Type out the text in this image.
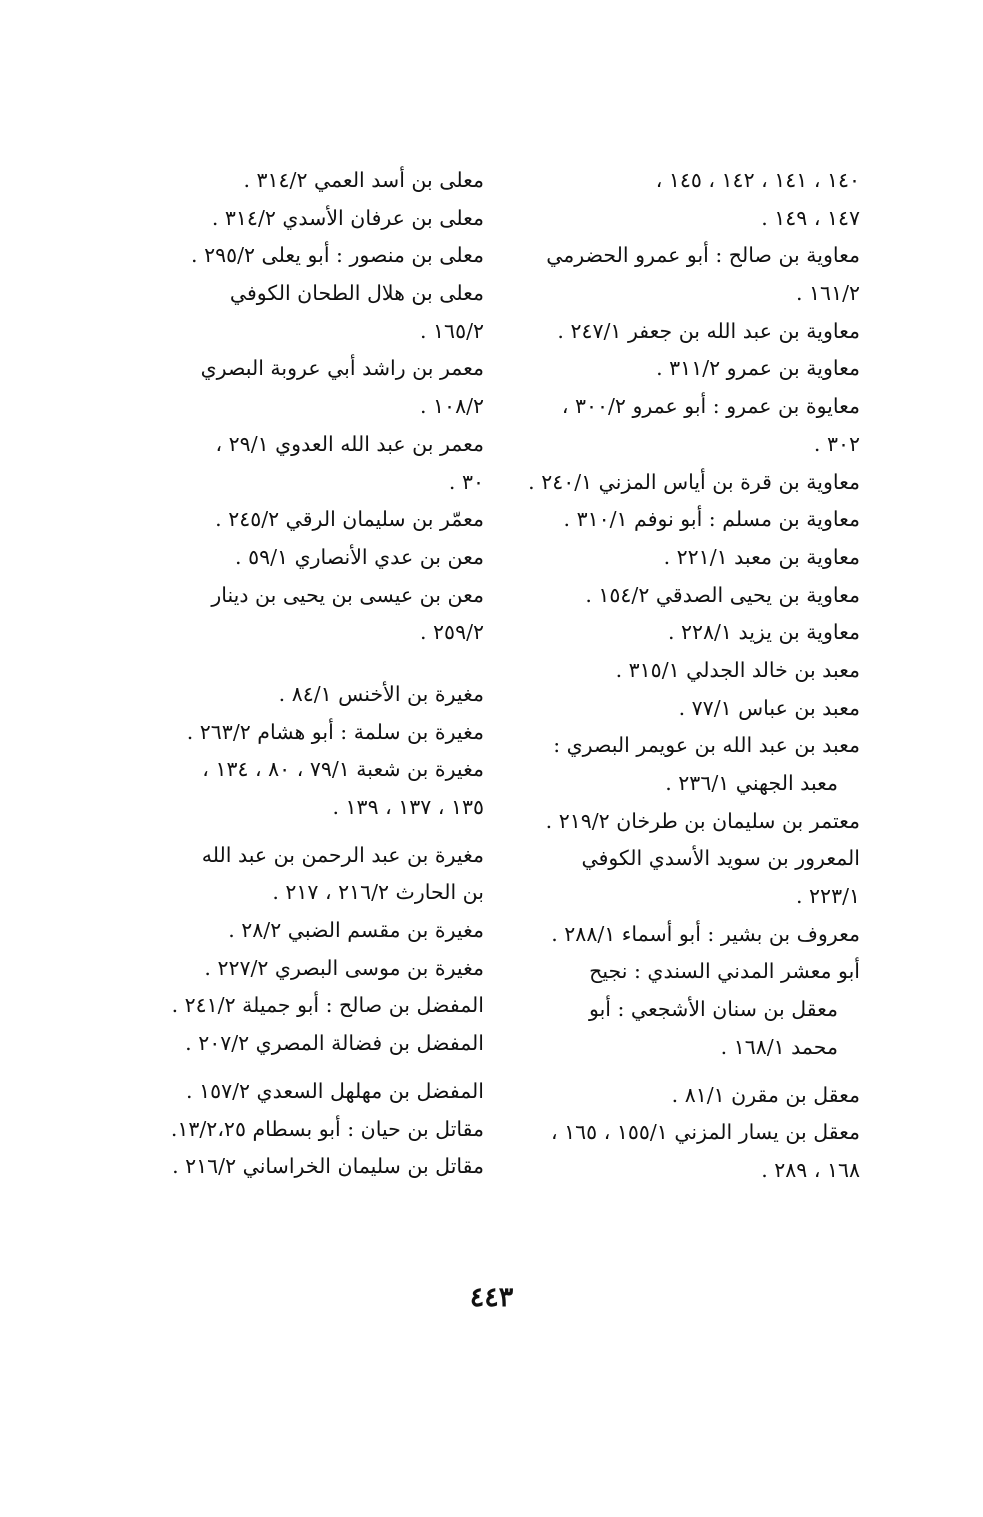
١٤٠ ، ١٤١ ، ١٤٢ ، ١٤٥ ،
١٤٧ ، ١٤٩ .
معاوية بن صالح : أبو عمرو الحضرمي
١٦١/٢ .
معاوية بن عبد الله بن جعفر ٢٤٧/١ .
معاوية بن عمرو ٣١١/٢ .
معايوة بن عمرو : أبو عمرو ٣٠٠/٢ ،
٣٠٢ .
معاوية بن قرة بن أياس المزني ٢٤٠/١ .
معاوية بن مسلم : أبو نوفم ٣١٠/١ .
معاوية بن معبد ٢٢١/١ .
معاوية بن يحيى الصدقي ١٥٤/٢ .
معاوية بن يزيد ٢٢٨/١ .
معبد بن خالد الجدلي ٣١٥/١ .
معبد بن عباس ٧٧/١ .
معبد بن عبد الله بن عويمر البصري :
معبد الجهني ٢٣٦/١ .
معتمر بن سليمان بن طرخان ٢١٩/٢ .
المعرور بن سويد الأسدي الكوفي
٢٢٣/١ .
معروف بن بشير : أبو أسماء ٢٨٨/١ .
أبو معشر المدني السندي : نجيح
معقل بن سنان الأشجعي : أبو
محمد ١٦٨/١ .
معقل بن مقرن ٨١/١ .
معقل بن يسار المزني ١٥٥/١ ، ١٦٥ ،
١٦٨ ، ٢٨٩ .
معلى بن أسد العمي ٣١٤/٢ .
معلى بن عرفان الأسدي ٣١٤/٢ .
معلى بن منصور : أبو يعلى ٢٩٥/٢ .
معلى بن هلال الطحان الكوفي
١٦٥/٢ .
معمر بن راشد أبي عروبة البصري
١٠٨/٢ .
معمر بن عبد الله العدوي ٢٩/١ ،
٣٠ .
معمّر بن سليمان الرقي ٢٤٥/٢ .
معن بن عدي الأنصاري ٥٩/١ .
معن بن عيسى بن يحيى بن دينار
٢٥٩/٢ .
مغيرة بن الأخنس ٨٤/١ .
مغيرة بن سلمة : أبو هشام ٢٦٣/٢ .
مغيرة بن شعبة ٧٩/١ ، ٨٠ ، ١٣٤ ،
١٣٥ ، ١٣٧ ، ١٣٩ .
مغيرة بن عبد الرحمن بن عبد الله
بن الحارث ٢١٦/٢ ، ٢١٧ .
مغيرة بن مقسم الضبي ٢٨/٢ .
مغيرة بن موسى البصري ٢٢٧/٢ .
المفضل بن صالح : أبو جميلة ٢٤١/٢ .
المفضل بن فضالة المصري ٢٠٧/٢ .
المفضل بن مهلهل السعدي ١٥٧/٢ .
مقاتل بن حيان : أبو بسطام ١٣/٢،٢٥.
مقاتل بن سليمان الخراساني ٢١٦/٢ .
٤٤٣
